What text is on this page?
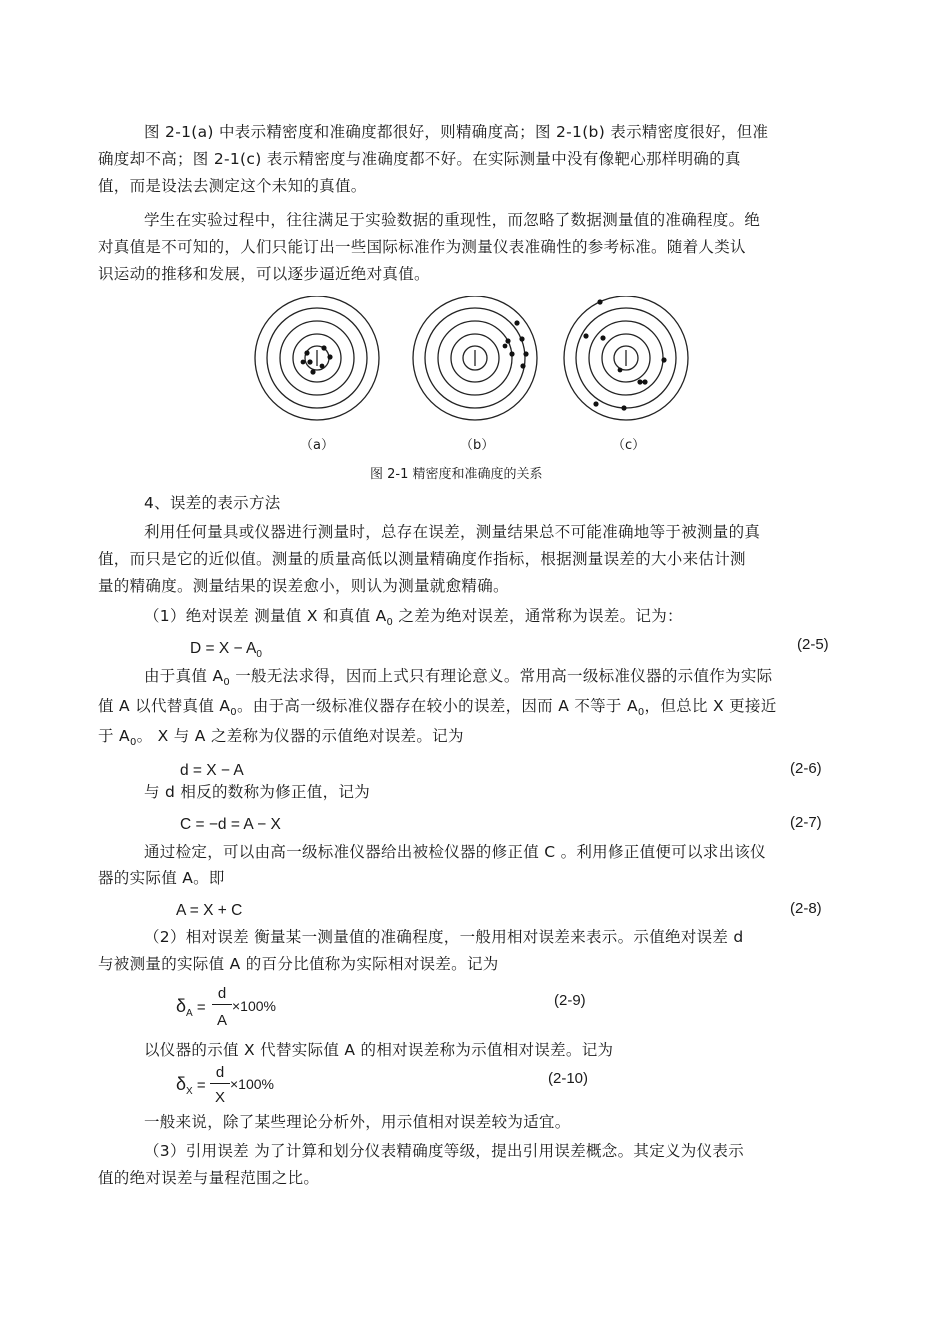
图 2-1(a) 中表示精密度和准确度都很好，则精确度高；图 2-1(b) 表示精密度很好，但准
确度却不高；图 2-1(c) 表示精密度与准确度都不好。在实际测量中没有像靶心那样明确的真
值，而是设法去测定这个未知的真值。
学生在实验过程中，往往满足于实验数据的重现性，而忽略了数据测量值的准确程度。绝
对真值是不可知的，人们只能订出一些国际标准作为测量仪表准确性的参考标准。随着人类认
识运动的推移和发展，可以逐步逼近绝对真值。
（a）	（b）	（c）
图 2-1 精密度和准确度的关系
4、误差的表示方法
利用任何量具或仪器进行测量时，总存在误差，测量结果总不可能准确地等于被测量的真
值，而只是它的近似值。测量的质量高低以测量精确度作指标，根据测量误差的大小来估计测
量的精确度。测量结果的误差愈小，则认为测量就愈精确。
（1）绝对误差 测量值 X 和真值 $A_0$ 之差为绝对误差，通常称为误差。记为：
$D = X - A_0$
(2-5)
由于真值 $A_0$ 一般无法求得，因而上式只有理论意义。常用高一级标准仪器的示值作为实际
值 A 以代替真值 $A_0$。由于高一级标准仪器存在较小的误差，因而 A 不等于 $A_0$，但总比 X 更接近
于 $A_0$。 X 与 A 之差称为仪器的示值绝对误差。记为
d = X − A	(2-6)
与 d 相反的数称为修正值，记为
C = −d = A − X	(2-7)
通过检定，可以由高一级标准仪器给出被检仪器的修正值 C 。利用修正值便可以求出该仪
器的实际值 A。即
A = X + C	(2-8)
（2）相对误差 衡量某一测量值的准确程度，一般用相对误差来表示。示值绝对误差 d
与被测量的实际值 A 的百分比值称为实际相对误差。记为
$\delta_A$ =
d
A
×100%	(2-9)
以仪器的示值 X 代替实际值 A 的相对误差称为示值相对误差。记为
$\delta_X$ =
d
X
×100%	(2-10)
一般来说，除了某些理论分析外，用示值相对误差较为适宜。
（3）引用误差 为了计算和划分仪表精确度等级，提出引用误差概念。其定义为仪表示
值的绝对误差与量程范围之比。
